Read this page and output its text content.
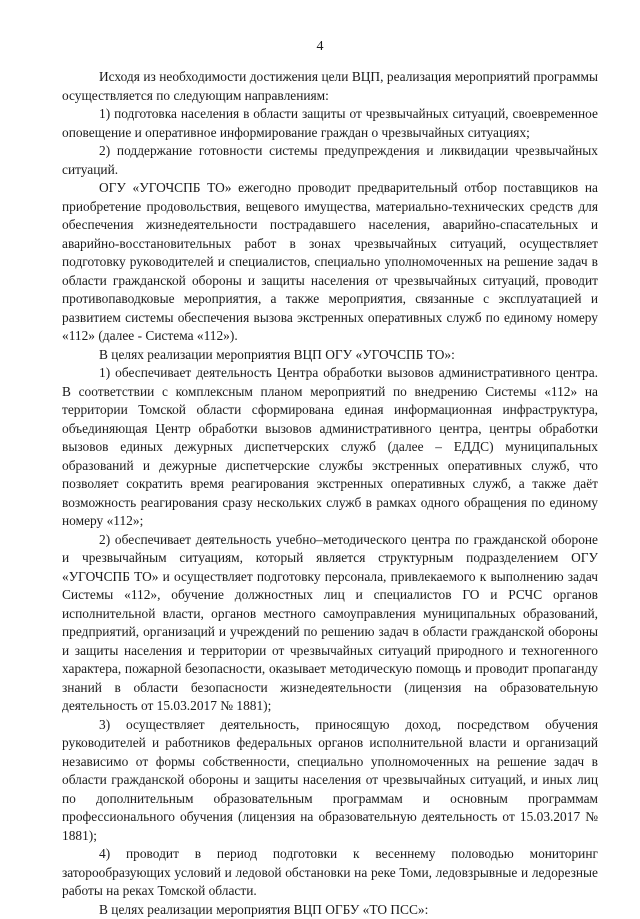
4

Исходя из необходимости достижения цели ВЦП, реализация мероприятий программы осуществляется по следующим направлениям:

1) подготовка населения в области защиты от чрезвычайных ситуаций, своевременное оповещение и оперативное информирование граждан о чрезвычайных ситуациях;

2) поддержание готовности системы предупреждения и ликвидации чрезвычайных ситуаций.

ОГУ «УГОЧСПБ ТО» ежегодно проводит предварительный отбор поставщиков на приобретение продовольствия, вещевого имущества, материально-технических средств для обеспечения жизнедеятельности пострадавшего населения, аварийно-спасательных и аварийно-восстановительных работ в зонах чрезвычайных ситуаций, осуществляет подготовку руководителей и специалистов, специально уполномоченных на решение задач в области гражданской обороны и защиты населения от чрезвычайных ситуаций, проводит противопаводковые мероприятия, а также мероприятия, связанные с эксплуатацией и развитием системы обеспечения вызова экстренных оперативных служб по единому номеру «112» (далее - Система «112»).

В целях реализации мероприятия ВЦП ОГУ «УГОЧСПБ ТО»:

1) обеспечивает деятельность Центра обработки вызовов административного центра. В соответствии с комплексным планом мероприятий по внедрению Системы «112» на территории Томской области сформирована единая информационная инфраструктура, объединяющая Центр обработки вызовов административного центра, центры обработки вызовов единых дежурных диспетчерских служб (далее – ЕДДС) муниципальных образований и дежурные диспетчерские службы экстренных оперативных служб, что позволяет сократить время реагирования экстренных оперативных служб, а также даёт возможность реагирования сразу нескольких служб в рамках одного обращения по единому номеру «112»;

2) обеспечивает деятельность учебно–методического центра по гражданской обороне и чрезвычайным ситуациям, который является структурным подразделением ОГУ «УГОЧСПБ ТО» и осуществляет подготовку персонала, привлекаемого к выполнению задач Системы «112», обучение должностных лиц и специалистов ГО и РСЧС органов исполнительной власти, органов местного самоуправления муниципальных образований, предприятий, организаций и учреждений по решению задач в области гражданской обороны и защиты населения и территории от чрезвычайных ситуаций природного и техногенного характера, пожарной безопасности, оказывает методическую помощь и проводит пропаганду знаний в области безопасности жизнедеятельности (лицензия на образовательную деятельность от 15.03.2017 № 1881);

3) осуществляет деятельность, приносящую доход, посредством обучения руководителей и работников федеральных органов исполнительной власти и организаций независимо от формы собственности, специально уполномоченных на решение задач в области гражданской обороны и защиты населения от чрезвычайных ситуаций, и иных лиц по дополнительным образовательным программам и основным программам профессионального обучения (лицензия на образовательную деятельность от 15.03.2017 № 1881);

4) проводит в период подготовки к весеннему половодью мониторинг заторообразующих условий и ледовой обстановки на реке Томи, ледовзрывные и ледорезные работы на реках Томской области.

В целях реализации мероприятия ВЦП ОГБУ «ТО ПСС»:
